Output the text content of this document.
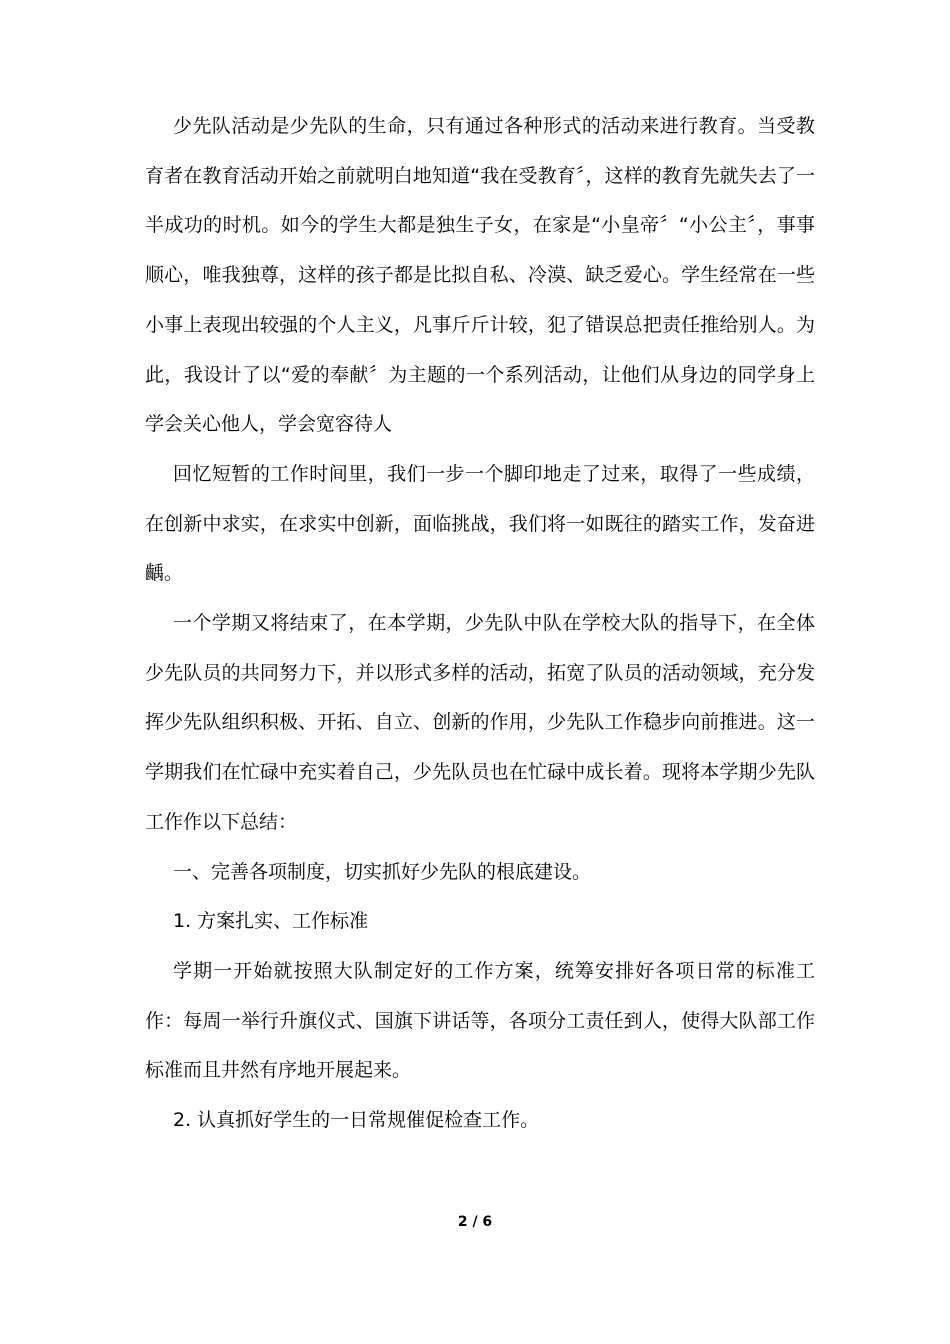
少先队活动是少先队的生命，只有通过各种形式的活动来进行教育。当受教育者在教育活动开始之前就明白地知道“我在受教育〞，这样的教育先就失去了一半成功的时机。如今的学生大都是独生子女，在家是“小皇帝〞“小公主〞，事事顺心，唯我独尊，这样的孩子都是比拟自私、冷漠、缺乏爱心。学生经常在一些小事上表现出较强的个人主义，凡事斤斤计较，犯了错误总把责任推给别人。为此，我设计了以“爱的奉献〞为主题的一个系列活动，让他们从身边的同学身上学会关心他人，学会宽容待人

回忆短暂的工作时间里，我们一步一个脚印地走了过来，取得了一些成绩，在创新中求实，在求实中创新，面临挑战，我们将一如既往的踏实工作，发奋进齲。

一个学期又将结束了，在本学期，少先队中队在学校大队的指导下，在全体少先队员的共同努力下，并以形式多样的活动，拓宽了队员的活动领域，充分发挥少先队组织积极、开拓、自立、创新的作用，少先队工作稳步向前推进。这一学期我们在忙碌中充实着自己，少先队员也在忙碌中成长着。现将本学期少先队工作作以下总结：

一、完善各项制度，切实抓好少先队的根底建设。

1. 方案扎实、工作标准

学期一开始就按照大队制定好的工作方案，统筹安排好各项日常的标准工作：每周一举行升旗仪式、国旗下讲话等，各项分工责任到人，使得大队部工作标准而且井然有序地开展起来。

2. 认真抓好学生的一日常规催促检查工作。

2 / 6
